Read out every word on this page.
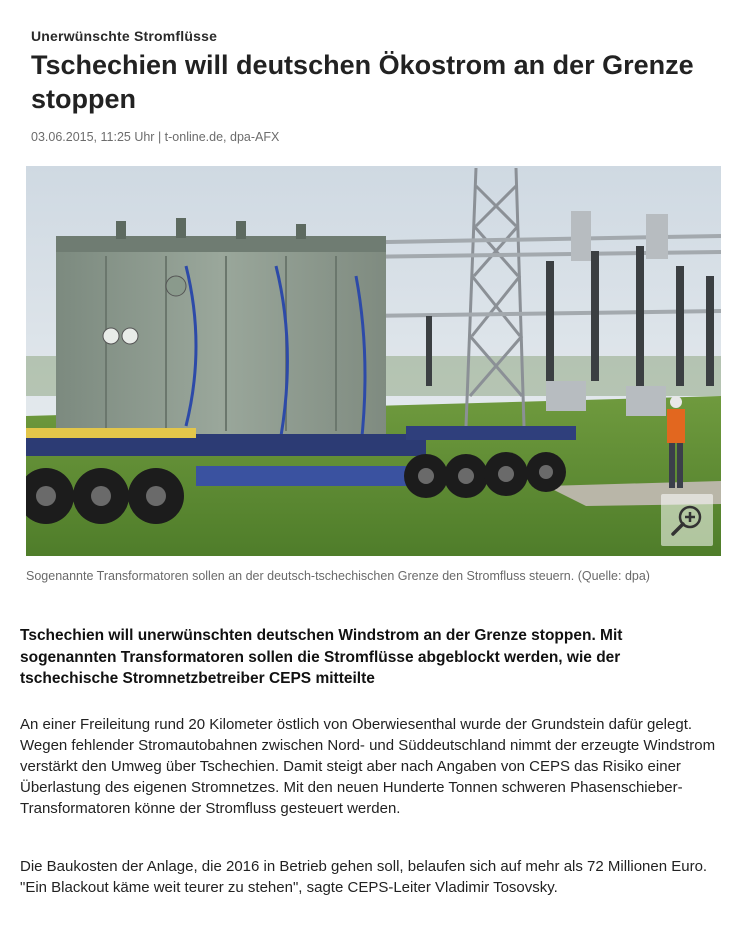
Unerwünschte Stromflüsse
Tschechien will deutschen Ökostrom an der Grenze stoppen
03.06.2015, 11:25 Uhr | t-online.de, dpa-AFX
Sogenannte Transformatoren sollen an der deutsch-tschechischen Grenze den Stromfluss steuern. (Quelle: dpa)

Tschechien will unerwünschten deutschen Windstrom an der Grenze stoppen. Mit sogenannten Transformatoren sollen die Stromflüsse abgeblockt werden, wie der tschechische Stromnetzbetreiber CEPS mitteilte

An einer Freileitung rund 20 Kilometer östlich von Oberwiesenthal wurde der Grundstein dafür gelegt. Wegen fehlender Stromautobahnen zwischen Nord- und Süddeutschland nimmt der erzeugte Windstrom verstärkt den Umweg über Tschechien. Damit steigt aber nach Angaben von CEPS das Risiko einer Überlastung des eigenen Stromnetzes. Mit den neuen Hunderte Tonnen schweren Phasenschieber-Transformatoren könne der Stromfluss gesteuert werden.

Die Baukosten der Anlage, die 2016 in Betrieb gehen soll, belaufen sich auf mehr als 72 Millionen Euro. "Ein Blackout käme weit teurer zu stehen", sagte CEPS-Leiter Vladimir Tosovsky.
